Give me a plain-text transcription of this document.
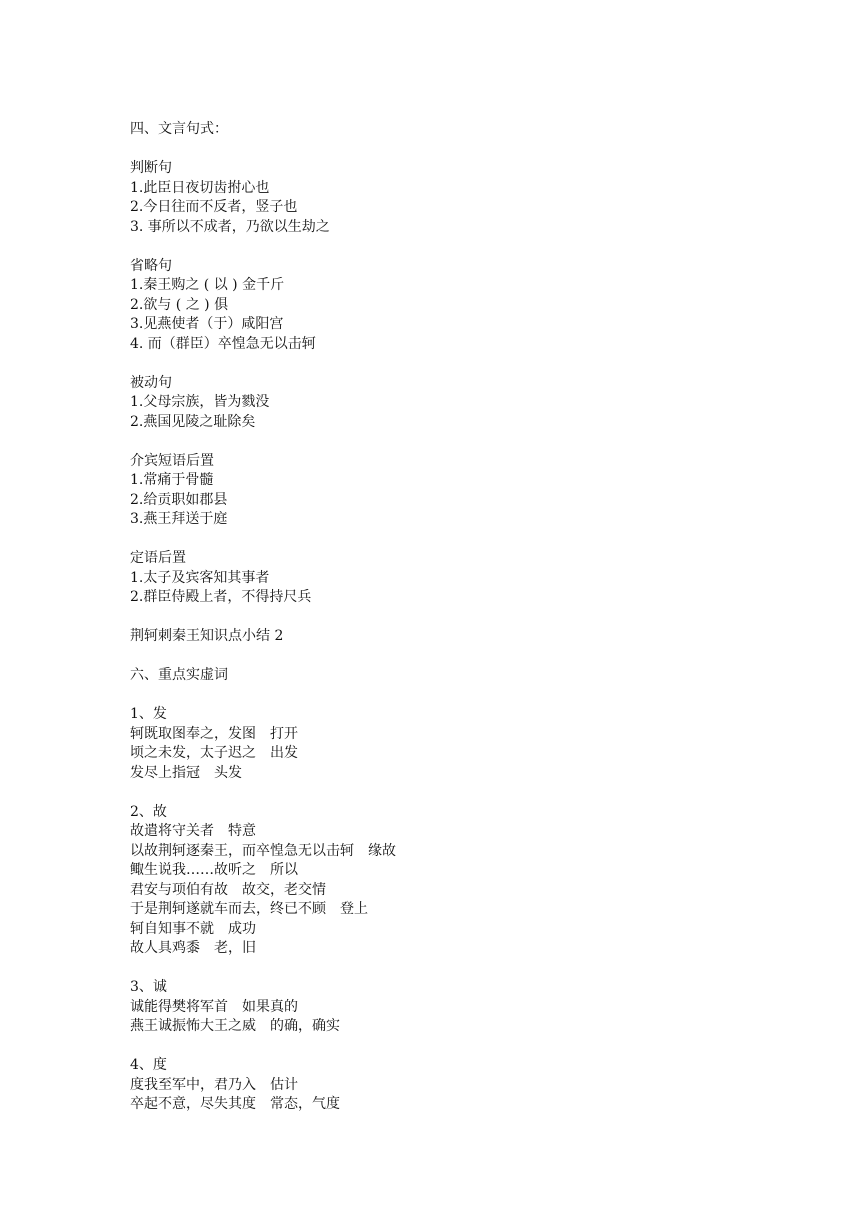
四、文言句式：
判断句
1.此臣日夜切齿拊心也
2.今日往而不反者，竖子也
3. 事所以不成者，乃欲以生劫之
省略句
1.秦王购之 ( 以 ) 金千斤
2.欲与 ( 之 ) 俱
3.见燕使者（于）咸阳宫
4. 而（群臣）卒惶急无以击轲
被动句
1.父母宗族，皆为戮没
2.燕国见陵之耻除矣
介宾短语后置
1.常痛于骨髓
2.给贡职如郡县
3.燕王拜送于庭
定语后置
1.太子及宾客知其事者
2.群臣侍殿上者，不得持尺兵
荆轲刺秦王知识点小结 2
六、重点实虚词
1、发
轲既取图奉之，发图　打开
顷之未发，太子迟之　出发
发尽上指冠　头发
2、故
故遣将守关者　特意
以故荆轲逐秦王，而卒惶急无以击轲　缘故
鲰生说我……故听之　所以
君安与项伯有故　故交，老交情
于是荆轲遂就车而去，终已不顾　登上
轲自知事不就　成功
故人具鸡黍　老，旧
3、诚
诚能得樊将军首　如果真的
燕王诚振怖大王之威　的确，确实
4、度
度我至军中，君乃入　估计
卒起不意，尽失其度　常态，气度
